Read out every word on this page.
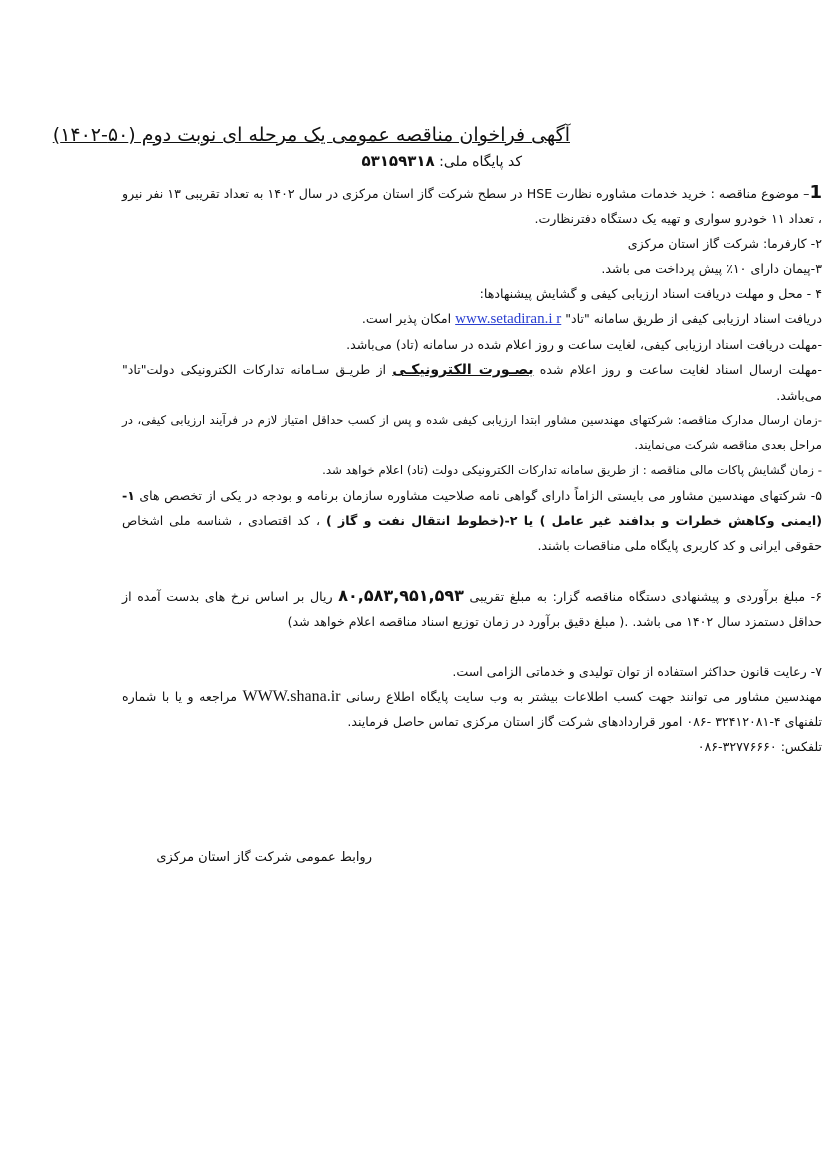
آگهی فراخوان مناقصه عمومی یک مرحله ای نوبت دوم (۵۰-۱۴۰۲)
کد پایگاه ملی: ۵۳۱۵۹۳۱۸

1– موضوع مناقصه : خرید خدمات مشاوره نظارت HSE در سطح شرکت گاز استان مرکزی در سال ۱۴۰۲ به تعداد تقریبی ۱۳ نفر نیرو ، تعداد ۱۱ خودرو سواری و تهیه یک دستگاه دفترنظارت.

۲- کارفرما: شرکت گاز استان مرکزی

۳-پیمان دارای ۱۰٪ پیش پرداخت می باشد.

۴ - محل و مهلت دریافت اسناد ارزیابی کیفی و گشایش پیشنهادها:

دریافت اسناد ارزیابی کیفی از طریق سامانه "تاد" www.setadiran.i r امکان پذیر است.

-مهلت دریافت اسناد ارزیابی کیفی، لغایت ساعت و روز اعلام شده در سامانه (تاد) می‌باشد.

-مهلت ارسال اسناد لغایت ساعت و روز اعلام شده بصـورت الکترونیکـی از طریـق سـامانه تدارکات الکترونیکی دولت"تاد" می‌باشد.

-زمان ارسال مدارک مناقصه: شرکتهای مهندسین مشاور ابتدا ارزیابی کیفی شده و پس از کسب حداقل امتیاز لازم در فرآیند ارزیابی کیفی، در مراحل بعدی مناقصه شرکت می‌نمایند.

- زمان گشایش پاکات مالی مناقصه : از طریق سامانه تدارکات الکترونیکی دولت (تاد) اعلام خواهد شد.

۵- شرکتهای مهندسین مشاور می بایستی الزاماً دارای گواهی نامه صلاحیت مشاوره سازمان برنامه و بودجه در یکی از تخصص های ۱-(ایمنی وکاهش خطرات و بدافند غیر عامل ) یا ۲-(خطوط انتقال نفت و گاز ) ، کد اقتصادی ، شناسه ملی اشخاص حقوقی ایرانی و کد کاربری پایگاه ملی مناقصات باشند.

۶- مبلغ برآوردی و پیشنهادی دستگاه مناقصه گزار: به مبلغ تقریبی ۸۰,۵۸۳,۹۵۱,۵۹۳ ریال بر اساس نرخ های بدست آمده از حداقل دستمزد سال ۱۴۰۲ می باشد. .( مبلغ دقیق برآورد در زمان توزیع اسناد مناقصه اعلام خواهد شد)

۷- رعایت قانون حداکثر استفاده از توان تولیدی و خدماتی الزامی است.

مهندسین مشاور می توانند جهت کسب اطلاعات بیشتر به وب سایت پایگاه اطلاع رسانی WWW.shana.ir مراجعه و یا با شماره تلفنهای ۴-۳۲۴۱۲۰۸۱ -۰۸۶ امور قراردادهای شرکت گاز استان مرکزی تماس حاصل فرمایند.

تلفکس: ۳۲۷۷۶۶۶۰-۰۸۶

روابط عمومی شرکت گاز استان مرکزی
